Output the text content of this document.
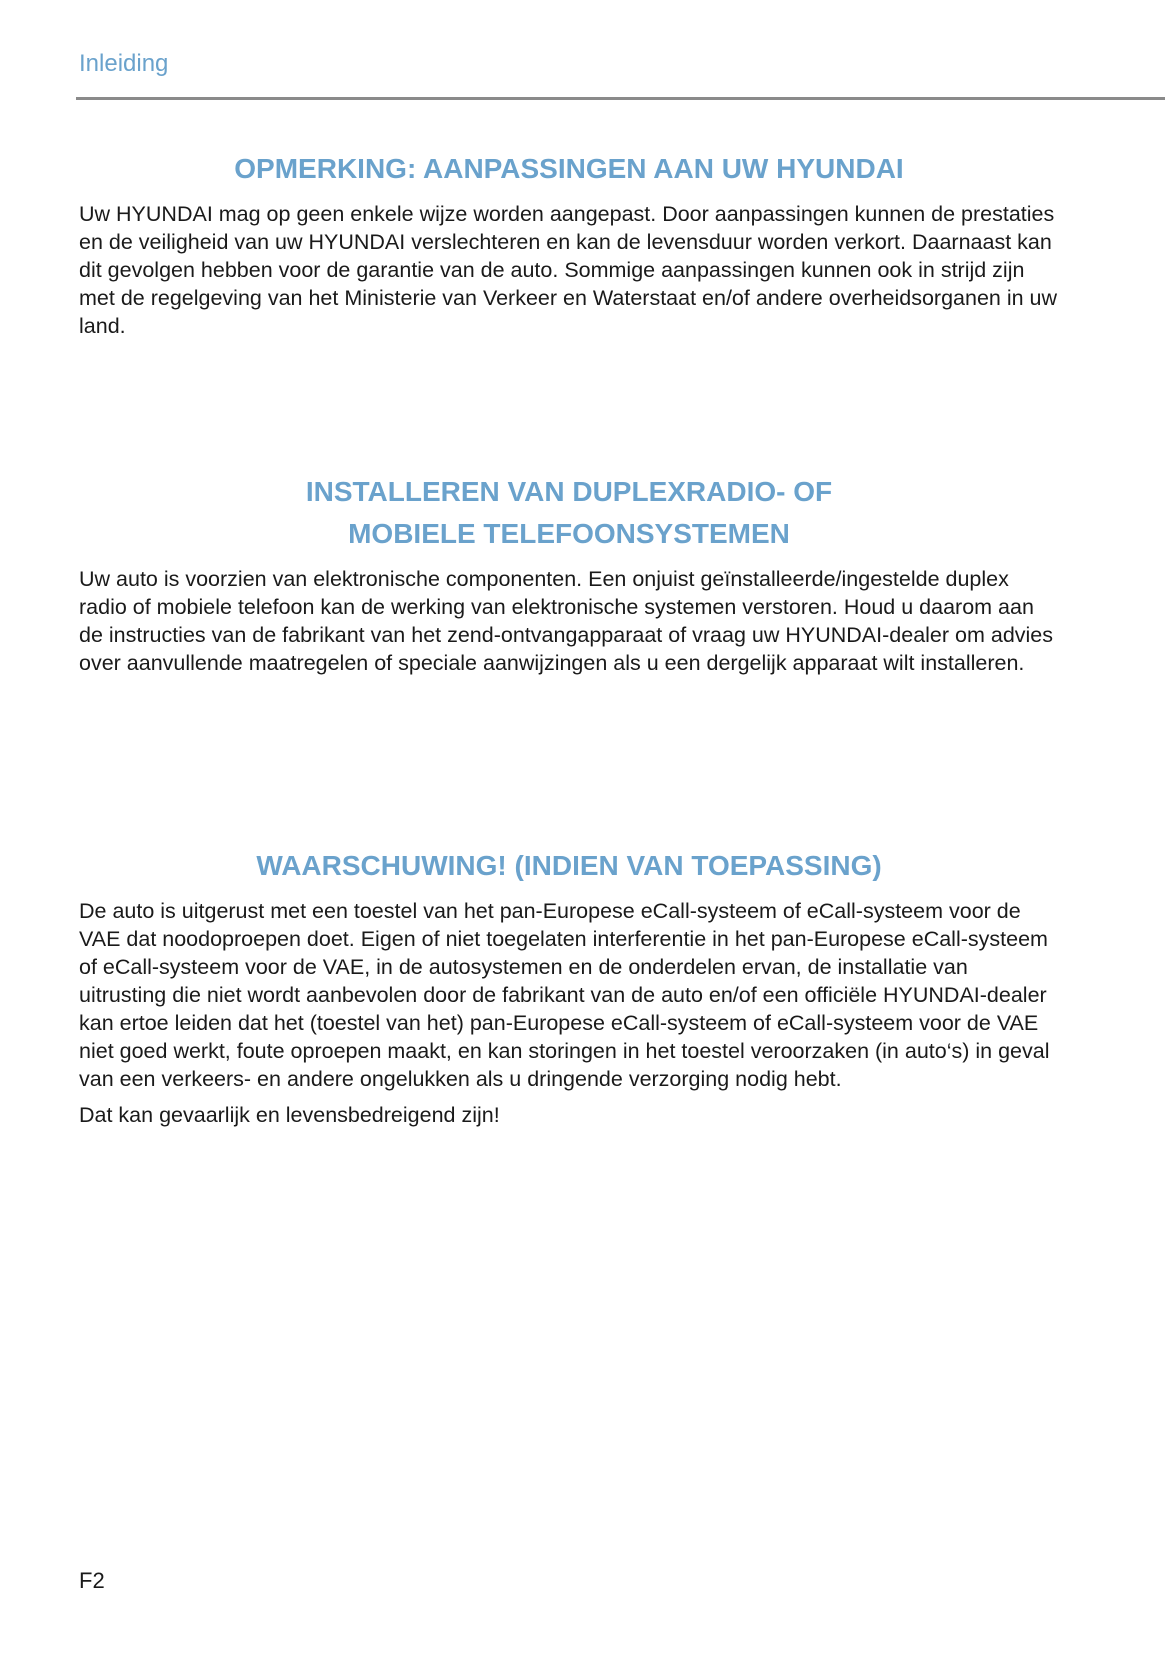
Inleiding
OPMERKING: AANPASSINGEN AAN UW HYUNDAI

Uw HYUNDAI mag op geen enkele wijze worden aangepast. Door aanpassingen kunnen de prestaties en de veiligheid van uw HYUNDAI verslechteren en kan de levensduur worden verkort. Daarnaast kan dit gevolgen hebben voor de garantie van de auto. Sommige aanpassingen kunnen ook in strijd zijn met de regelgeving van het Ministerie van Verkeer en Waterstaat en/of andere overheidsorganen in uw land.

INSTALLEREN VAN DUPLEXRADIO- OF
MOBIELE TELEFOONSYSTEMEN

Uw auto is voorzien van elektronische componenten. Een onjuist geïnstalleerde/ingestelde duplex radio of mobiele telefoon kan de werking van elektronische systemen verstoren. Houd u daarom aan de instructies van de fabrikant van het zend-ontvangapparaat of vraag uw HYUNDAI-dealer om advies over aanvullende maatregelen of speciale aanwijzingen als u een dergelijk apparaat wilt installeren.

WAARSCHUWING! (INDIEN VAN TOEPASSING)

De auto is uitgerust met een toestel van het pan-Europese eCall-systeem of eCall-systeem voor de VAE dat noodoproepen doet. Eigen of niet toegelaten interferentie in het pan-Europese eCall-systeem of eCall-systeem voor de VAE, in de autosystemen en de onderdelen ervan, de installatie van uitrusting die niet wordt aanbevolen door de fabrikant van de auto en/of een officiële HYUNDAI-dealer kan ertoe leiden dat het (toestel van het) pan-Europese eCall-systeem of eCall-systeem voor de VAE niet goed werkt, foute oproepen maakt, en kan storingen in het toestel veroorzaken (in auto‘s) in geval van een verkeers- en andere ongelukken als u dringende verzorging nodig hebt.

Dat kan gevaarlijk en levensbedreigend zijn!

F2
